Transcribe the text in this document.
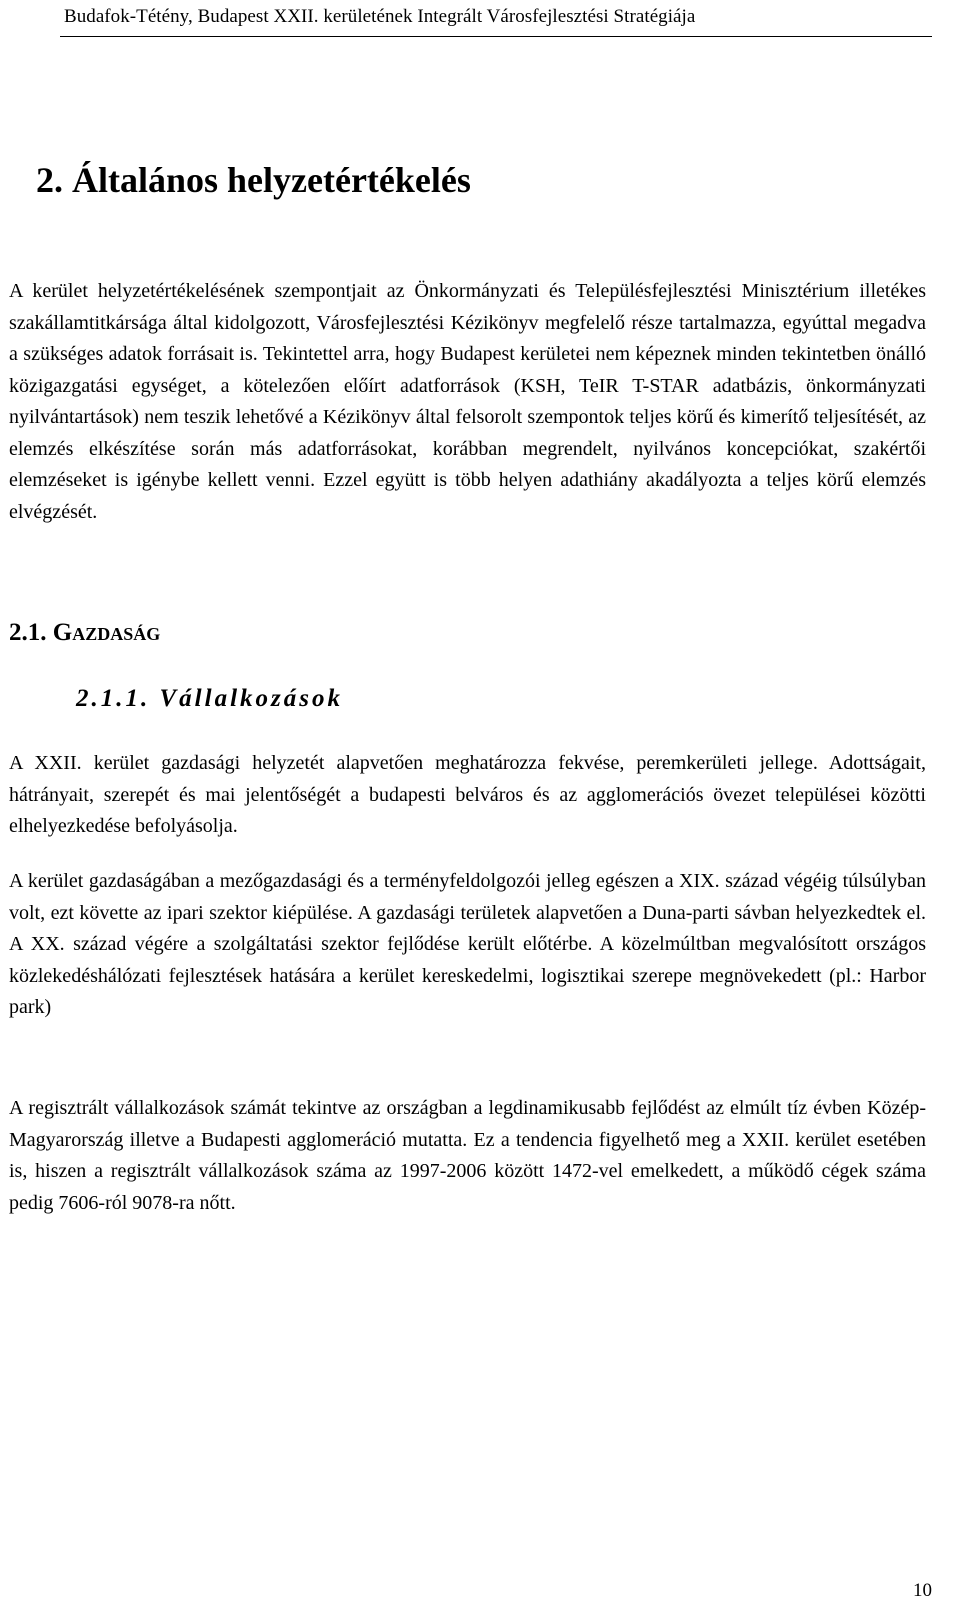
Budafok-Tétény, Budapest XXII. kerületének Integrált Városfejlesztési Stratégiája
2. Általános helyzetértékelés

A kerület helyzetértékelésének szempontjait az Önkormányzati és Településfejlesztési Minisztérium illetékes szakállamtitkársága által kidolgozott, Városfejlesztési Kézikönyv megfelelő része tartalmazza, egyúttal megadva a szükséges adatok forrásait is. Tekintettel arra, hogy Budapest kerületei nem képeznek minden tekintetben önálló közigazgatási egységet, a kötelezően előírt adatforrások (KSH, TeIR T-STAR adatbázis, önkormányzati nyilvántartások) nem teszik lehetővé a Kézikönyv által felsorolt szempontok teljes körű és kimerítő teljesítését, az elemzés elkészítése során más adatforrásokat, korábban megrendelt, nyilvános koncepciókat, szakértői elemzéseket is igénybe kellett venni. Ezzel együtt is több helyen adathiány akadályozta a teljes körű elemzés elvégzését.

2.1. Gazdaság
2.1.1. Vállalkozások

A XXII. kerület gazdasági helyzetét alapvetően meghatározza fekvése, peremkerületi jellege. Adottságait, hátrányait, szerepét és mai jelentőségét a budapesti belváros és az agglomerációs övezet települései közötti elhelyezkedése befolyásolja.

A kerület gazdaságában a mezőgazdasági és a terményfeldolgozói jelleg egészen a XIX. század végéig túlsúlyban volt, ezt követte az ipari szektor kiépülése. A gazdasági területek alapvetően a Duna-parti sávban helyezkedtek el. A XX. század végére a szolgáltatási szektor fejlődése került előtérbe. A közelmúltban megvalósított országos közlekedéshálózati fejlesztések hatására a kerület kereskedelmi, logisztikai szerepe megnövekedett (pl.: Harbor park)

A regisztrált vállalkozások számát tekintve az országban a legdinamikusabb fejlődést az elmúlt tíz évben Közép-Magyarország illetve a Budapesti agglomeráció mutatta. Ez a tendencia figyelhető meg a XXII. kerület esetében is, hiszen a regisztrált vállalkozások száma az 1997-2006 között 1472-vel emelkedett, a működő cégek száma pedig 7606-ról 9078-ra nőtt.

10
